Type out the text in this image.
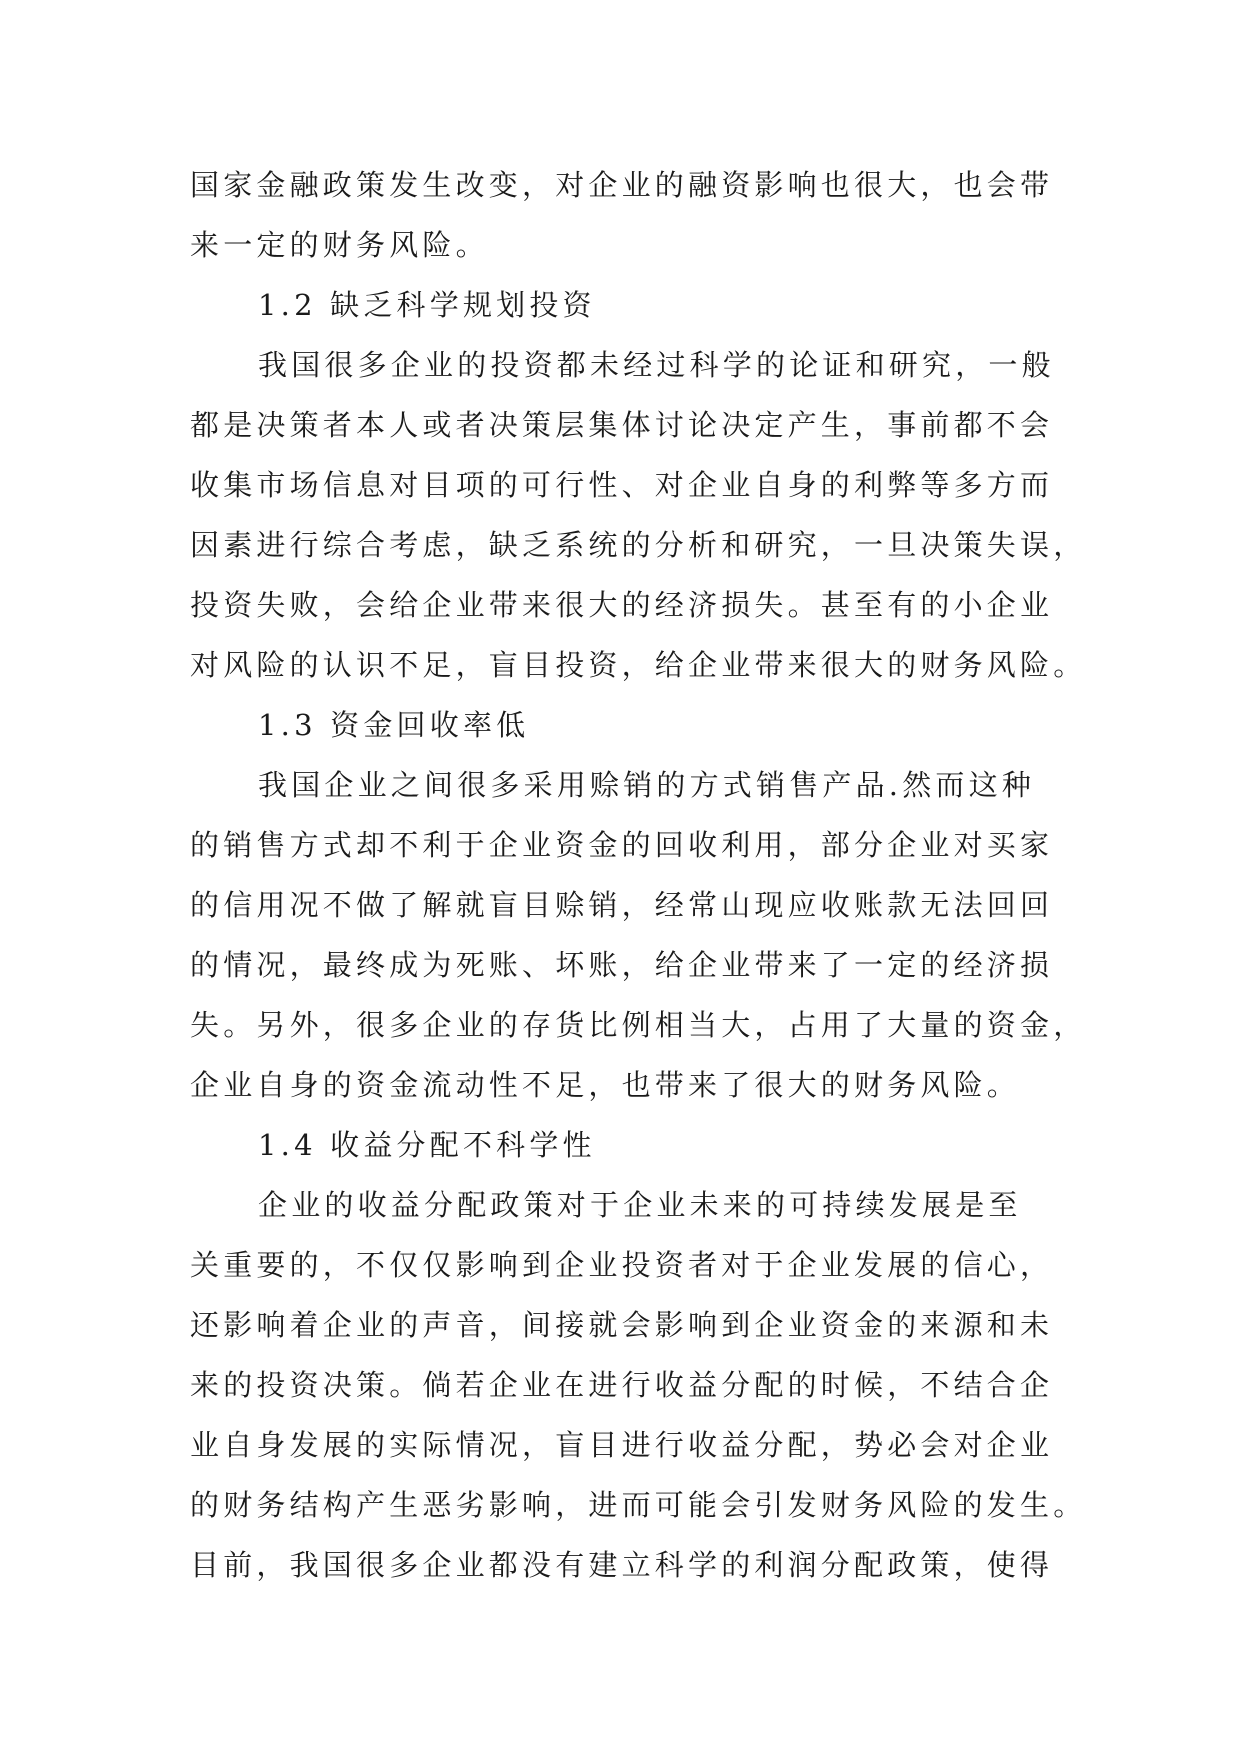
国家金融政策发生改变，对企业的融资影响也很大，也会带
来一定的财务风险。
1.2 缺乏科学规划投资
我国很多企业的投资都未经过科学的论证和研究，一般
都是决策者本人或者决策层集体讨论决定产生，事前都不会
收集市场信息对目项的可行性、对企业自身的利弊等多方而
因素进行综合考虑，缺乏系统的分析和研究，一旦决策失误，
投资失败，会给企业带来很大的经济损失。甚至有的小企业
对风险的认识不足，盲目投资，给企业带来很大的财务风险。
1.3 资金回收率低
我国企业之间很多采用赊销的方式销售产品.然而这种
的销售方式却不利于企业资金的回收利用，部分企业对买家
的信用况不做了解就盲目赊销，经常山现应收账款无法回回
的情况，最终成为死账、坏账，给企业带来了一定的经济损
失。另外，很多企业的存货比例相当大，占用了大量的资金，
企业自身的资金流动性不足，也带来了很大的财务风险。
1.4 收益分配不科学性
企业的收益分配政策对于企业未来的可持续发展是至
关重要的，不仅仅影响到企业投资者对于企业发展的信心，
还影响着企业的声音，间接就会影响到企业资金的来源和未
来的投资决策。倘若企业在进行收益分配的时候，不结合企
业自身发展的实际情况，盲目进行收益分配，势必会对企业
的财务结构产生恶劣影响，进而可能会引发财务风险的发生。
目前，我国很多企业都没有建立科学的利润分配政策，使得
